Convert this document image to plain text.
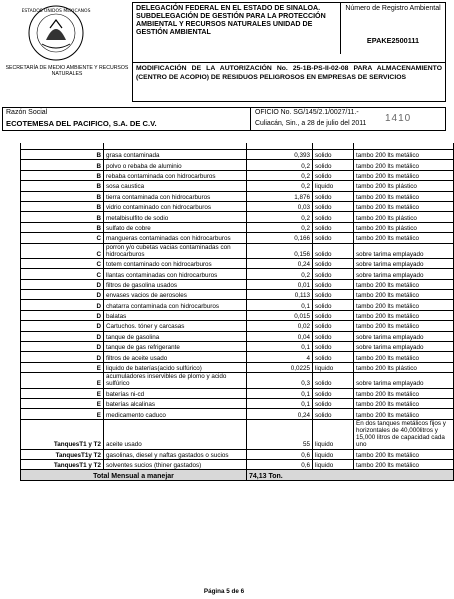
ESTADOS UNIDOS MEXICANOS
SECRETARÍA DE MEDIO AMBIENTE Y RECURSOS NATURALES
DELEGACIÓN FEDERAL EN EL ESTADO DE SINALOA. SUBDELEGACIÓN DE GESTIÓN PARA LA PROTECCIÓN AMBIENTAL Y RECURSOS NATURALES UNIDAD DE GESTIÓN AMBIENTAL
Número de Registro Ambiental
EPAKE2500111
MODIFICACIÓN DE LA AUTORIZACIÓN No. 25-1B-PS-II-02-08 PARA ALMACENAMIENTO (CENTRO DE ACOPIO) DE RESIDUOS PELIGROSOS EN EMPRESAS DE SERVICIOS
Razón Social
ECOTEMESA DEL PACIFICO, S.A. DE C.V.
OFICIO No. SG/145/2.1/0027/11.-
Culiacán, Sin., a 28 de julio del 2011 1410

B	grasa contaminada	0,393	solido	tambo 200 lts metálico
B	polvo o rebaba de aluminio	0,2	solido	tambo 200 lts metálico
B	rebaba contaminada con hidrocarburos	0,2	solido	tambo 200 lts metálico
B	sosa caustica	0,2	liquido	tambo 200 lts plástico
B	tierra contaminada con hidrocarburos	1,876	solido	tambo 200 lts metálico
B	vidrio contaminado con hidrocarburos	0,03	solido	tambo 200 lts metálico
B	metalbisulfito de sodio	0,2	solido	tambo 200 lts plástico
B	sulfato de cobre	0,2	solido	tambo 200 lts plástico
C	mangueras contaminadas con hidrocarburos	0,166	solido	tambo 200 lts metálico
C	porron y/o cubetas vacias contaminadas con hidrocarburos	0,156	solido	sobre tarima emplayado
C	totem contaminado con hidrocarburos	0,24	solido	sobre tarima emplayado
C	llantas contaminadas con hidrocarburos	0,2	solido	sobre tarima emplayado
D	filtros de gasolina usados	0,01	solido	tambo 200 lts metálico
D	envases vacios de aerosoles	0,113	solido	tambo 200 lts metálico
D	chatarra contaminada con hidrocarburos	0,1	solido	tambo 200 lts metálico
D	balatas	0,015	solido	tambo 200 lts metálico
D	Cartuchos. tóner y carcasas	0,02	solido	tambo 200 lts metálico
D	tanque de gasolina	0,04	solido	sobre tarima emplayado
D	tanque de gas refrigerante	0,1	solido	sobre tarima emplayado
D	filtros de aceite usado	4	solido	tambo 200 lts metálico
E	liquido de baterías(acido sulfúrico)	0,0225	liquido	tambo 200 lts plástico
E	acumuladores inservibles de plomo y acido sulfúrico	0,3	solido	sobre tarima emplayado
E	baterías ni-cd	0,1	solido	tambo 200 lts metálico
E	baterías alcalinas	0,1	solido	tambo 200 lts metálico
E	medicamento caduco	0,24	solido	tambo 200 lts metálico
TanquesT1 y T2	aceite usado	55	liquido	En dos tanques metálicos fijos y horizontales de 40,000litros y 15,000 litros de capacidad cada uno
TanquesT1y T2	gasolinas, diesel y naftas gastados o sucios	0,6	liquido	tambo 200 lts metálico
TanquesT1 y T2	solventes sucios (thiner gastados)	0,6	liquido	tambo 200 lts metálico
Total Mensual a manejar		74,13 Ton.		
Página 5 de 6
